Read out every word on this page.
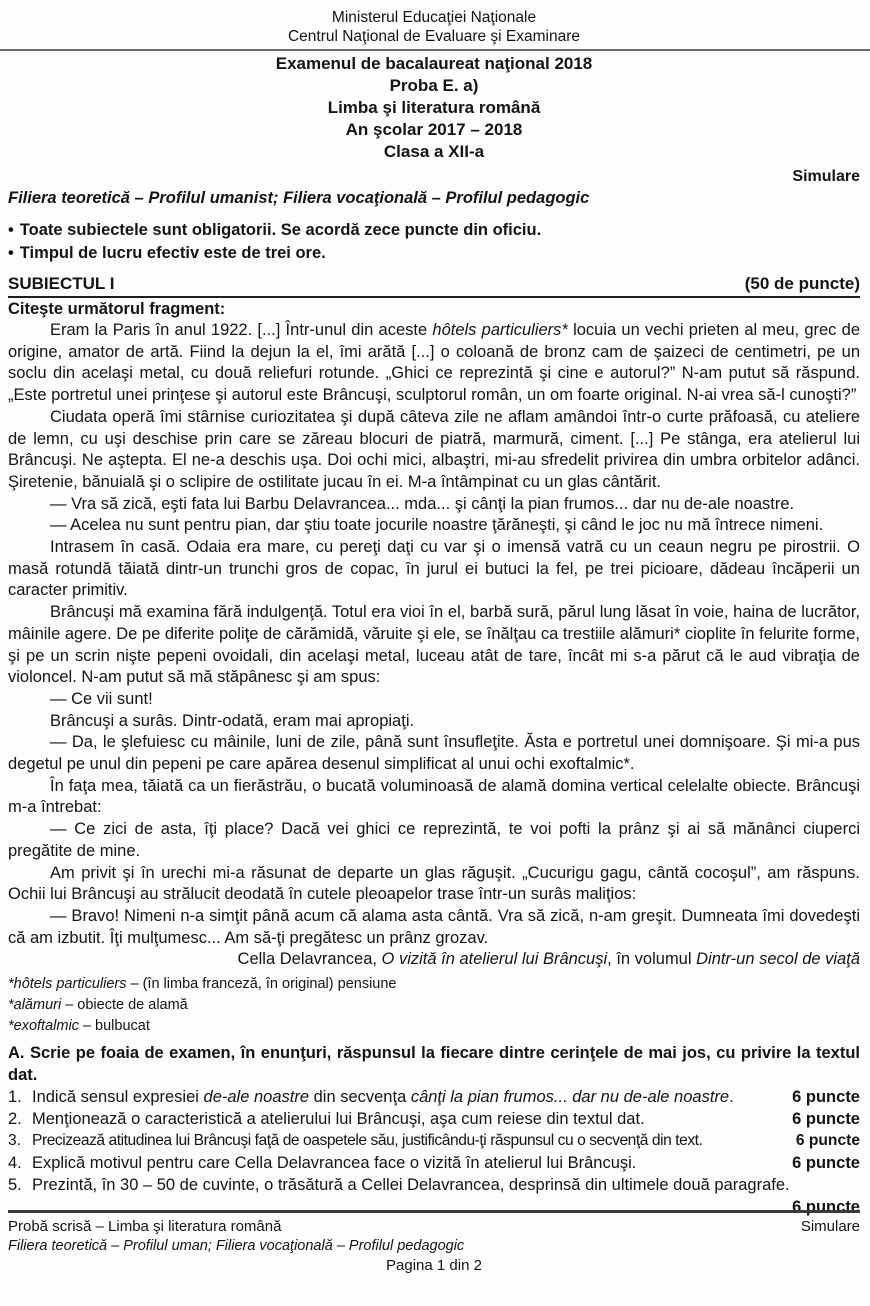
Ministerul Educaţiei Naţionale
Centrul Naţional de Evaluare şi Examinare
Examenul de bacalaureat naţional 2018
Proba E. a)
Limba şi literatura română
An şcolar 2017 – 2018
Clasa a XII-a
Simulare
Filiera teoretică – Profilul umanist; Filiera vocaţională – Profilul pedagogic
• Toate subiectele sunt obligatorii. Se acordă zece puncte din oficiu.
• Timpul de lucru efectiv este de trei ore.
SUBIECTUL I	(50 de puncte)
Citeşte următorul fragment:

Eram la Paris în anul 1922. [...] Într-unul din aceste hôtels particuliers* locuia un vechi prieten al meu, grec de origine, amator de artă. Fiind la dejun la el, îmi arătă [...] o coloană de bronz cam de şaizeci de centimetri, pe un soclu din acelaşi metal, cu două reliefuri rotunde. „Ghici ce reprezintă şi cine e autorul?” N-am putut să răspund. „Este portretul unei prinţese şi autorul este Brâncuşi, sculptorul român, un om foarte original. N-ai vrea să-l cunoşti?”

Ciudata operă îmi stârnise curiozitatea şi după câteva zile ne aflam amândoi într-o curte prăfoasă, cu ateliere de lemn, cu uşi deschise prin care se zăreau blocuri de piatră, marmură, ciment. [...] Pe stânga, era atelierul lui Brâncuşi. Ne aştepta. El ne-a deschis uşa. Doi ochi mici, albaştri, mi-au sfredelit privirea din umbra orbitelor adânci. Şiretenie, bănuială şi o sclipire de ostilitate jucau în ei. M-a întâmpinat cu un glas cântărit.

— Vra să zică, eşti fata lui Barbu Delavrancea... mda... şi cânţi la pian frumos... dar nu de-ale noastre.

— Acelea nu sunt pentru pian, dar ştiu toate jocurile noastre ţărăneşti, şi când le joc nu mă întrece nimeni.

Intrasem în casă. Odaia era mare, cu pereţi daţi cu var şi o imensă vatră cu un ceaun negru pe pirostrii. O masă rotundă tăiată dintr-un trunchi gros de copac, în jurul ei butuci la fel, pe trei picioare, dădeau încăperii un caracter primitiv.

Brâncuşi mă examina fără indulgenţă. Totul era vioi în el, barbă sură, părul lung lăsat în voie, haina de lucrător, mâinile agere. De pe diferite poliţe de cărămidă, văruite şi ele, se înălţau ca trestiile alămuri* cioplite în felurite forme, şi pe un scrin nişte pepeni ovoidali, din acelaşi metal, luceau atât de tare, încât mi s-a părut că le aud vibraţia de violoncel. N-am putut să mă stăpânesc şi am spus:

— Ce vii sunt!

Brâncuşi a surâs. Dintr-odată, eram mai apropiaţi.

— Da, le şlefuiesc cu mâinile, luni de zile, până sunt însufleţite. Ăsta e portretul unei domnişoare. Şi mi-a pus degetul pe unul din pepeni pe care apărea desenul simplificat al unui ochi exoftalmic*.

În faţa mea, tăiată ca un fierăstrău, o bucată voluminoasă de alamă domina vertical celelalte obiecte. Brâncuşi m-a întrebat:

— Ce zici de asta, îţi place? Dacă vei ghici ce reprezintă, te voi pofti la prânz şi ai să mănânci ciuperci pregătite de mine.

Am privit şi în urechi mi-a răsunat de departe un glas răguşit. „Cucurigu gagu, cântă cocoşul”, am răspuns. Ochii lui Brâncuşi au strălucit deodată în cutele pleoapelor trase într-un surâs maliţios:

— Bravo! Nimeni n-a simţit până acum că alama asta cântă. Vra să zică, n-am greşit. Dumneata îmi dovedeşti că am izbutit. Îţi mulţumesc... Am să-ţi pregătesc un prânz grozav.

Cella Delavrancea, O vizită în atelierul lui Brâncuşi, în volumul Dintr-un secol de viaţă

*hôtels particuliers – (în limba franceză, în original) pensiune
*alămuri – obiecte de alamă
*exoftalmic – bulbucat
A. Scrie pe foaia de examen, în enunţuri, răspunsul la fiecare dintre cerinţele de mai jos, cu privire la textul dat.
1. Indică sensul expresiei de-ale noastre din secvenţa cânţi la pian frumos... dar nu de-ale noastre.	6 puncte
2. Menţionează o caracteristică a atelierului lui Brâncuşi, aşa cum reiese din textul dat.	6 puncte
3. Precizează atitudinea lui Brâncuşi faţă de oaspetele său, justificându-ţi răspunsul cu o secvenţă din text.	6 puncte
4. Explică motivul pentru care Cella Delavrancea face o vizită în atelierul lui Brâncuşi.	6 puncte
5. Prezintă, în 30 – 50 de cuvinte, o trăsătură a Cellei Delavrancea, desprinsă din ultimele două paragrafe.
6 puncte
Probă scrisă – Limba şi literatura română	Simulare
Filiera teoretică – Profilul uman; Filiera vocaţională – Profilul pedagogic
Pagina 1 din 2
